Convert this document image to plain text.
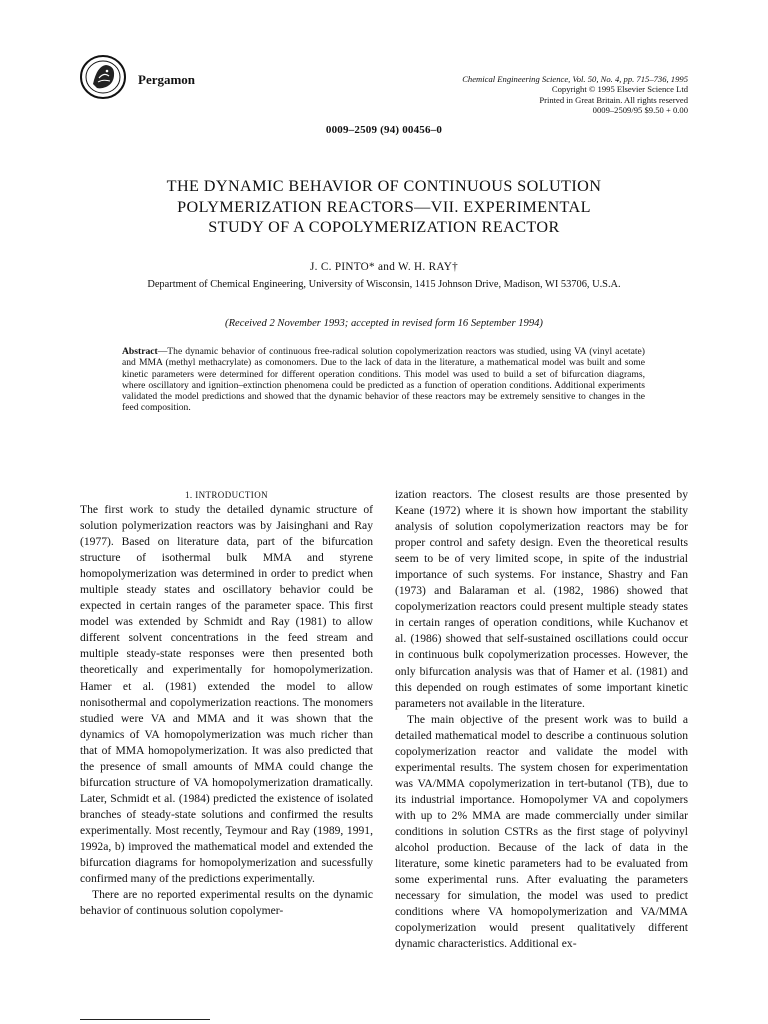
Pergamon	Chemical Engineering Science, Vol. 50, No. 4, pp. 715–736, 1995
Copyright © 1995 Elsevier Science Ltd
Printed in Great Britain. All rights reserved
0009–2509/95 $9.50 + 0.00
0009–2509 (94) 00456–0
THE DYNAMIC BEHAVIOR OF CONTINUOUS SOLUTION
POLYMERIZATION REACTORS—VII. EXPERIMENTAL
STUDY OF A COPOLYMERIZATION REACTOR
J. C. PINTO* and W. H. RAY†
Department of Chemical Engineering, University of Wisconsin, 1415 Johnson Drive, Madison, WI 53706, U.S.A.
(Received 2 November 1993; accepted in revised form 16 September 1994)
Abstract—The dynamic behavior of continuous free-radical solution copolymerization reactors was studied, using VA (vinyl acetate) and MMA (methyl methacrylate) as comonomers. Due to the lack of data in the literature, a mathematical model was built and some kinetic parameters were determined for different operation conditions. This model was used to build a set of bifurcation diagrams, where oscillatory and ignition–extinction phenomena could be predicted as a function of operation conditions. Additional experiments validated the model predictions and showed that the dynamic behavior of these reactors may be extremely sensitive to changes in the feed composition.

1. INTRODUCTION

The first work to study the detailed dynamic structure of solution polymerization reactors was by Jaisinghani and Ray (1977). Based on literature data, part of the bifurcation structure of isothermal bulk MMA and styrene homopolymerization was determined in order to predict when multiple steady states and oscillatory behavior could be expected in certain ranges of the parameter space. This first model was extended by Schmidt and Ray (1981) to allow different solvent concentrations in the feed stream and multiple steady-state responses were then presented both theoretically and experimentally for homopolymerization. Hamer et al. (1981) extended the model to allow nonisothermal and copolymerization reactions. The monomers studied were VA and MMA and it was shown that the dynamics of VA homopolymerization was much richer than that of MMA homopolymerization. It was also predicted that the presence of small amounts of MMA could change the bifurcation structure of VA homopolymerization dramatically. Later, Schmidt et al. (1984) predicted the existence of isolated branches of steady-state solutions and confirmed the results experimentally. Most recently, Teymour and Ray (1989, 1991, 1992a, b) improved the mathematical model and extended the bifurcation diagrams for homopolymerization and sucessfully confirmed many of the predictions experimentally.

There are no reported experimental results on the dynamic behavior of continuous solution copolymer-

ization reactors. The closest results are those presented by Keane (1972) where it is shown how important the stability analysis of solution copolymerization reactors may be for proper control and safety design. Even the theoretical results seem to be of very limited scope, in spite of the industrial importance of such systems. For instance, Shastry and Fan (1973) and Balaraman et al. (1982, 1986) showed that copolymerization reactors could present multiple steady states in certain ranges of operation conditions, while Kuchanov et al. (1986) showed that self-sustained oscillations could occur in continuous bulk copolymerization processes. However, the only bifurcation analysis was that of Hamer et al. (1981) and this depended on rough estimates of some important kinetic parameters not available in the literature.

The main objective of the present work was to build a detailed mathematical model to describe a continuous solution copolymerization reactor and validate the model with experimental results. The system chosen for experimentation was VA/MMA copolymerization in tert-butanol (TB), due to its industrial importance. Homopolymer VA and copolymers with up to 2% MMA are made commercially under similar conditions in solution CSTRs as the first stage of polyvinyl alcohol production. Because of the lack of data in the literature, some kinetic parameters had to be evaluated from some experimental runs. After evaluating the parameters necessary for simulation, the model was used to predict conditions where VA homopolymerization and VA/MMA copolymerization would present qualitatively different dynamic characteristics. Additional ex-
